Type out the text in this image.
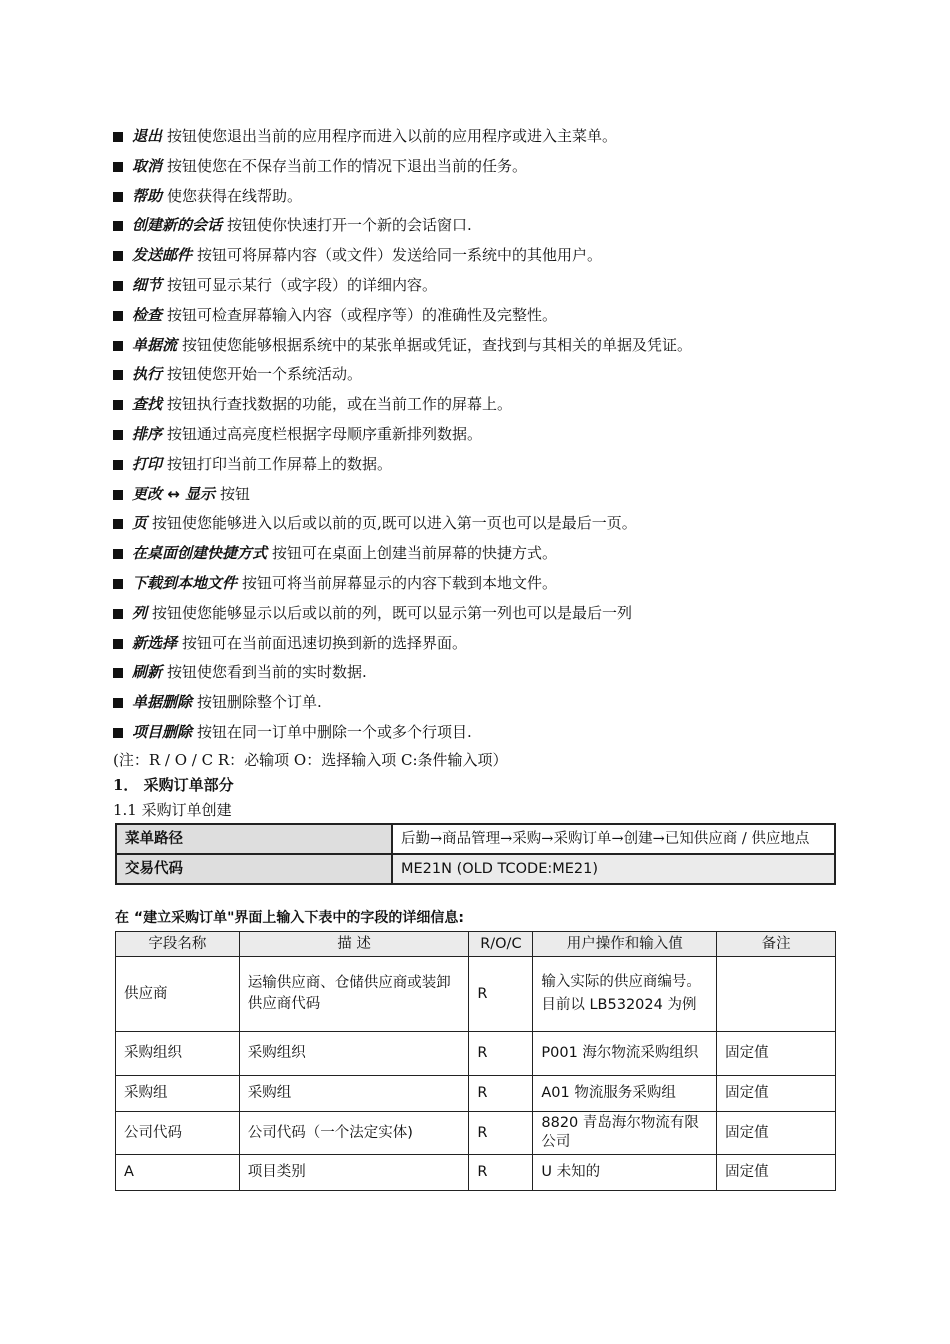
退出 按钮使您退出当前的应用程序而进入以前的应用程序或进入主菜单。
取消 按钮使您在不保存当前工作的情况下退出当前的任务。
帮助 使您获得在线帮助。
创建新的会话 按钮使你快速打开一个新的会话窗口.
发送邮件 按钮可将屏幕内容（或文件）发送给同一系统中的其他用户。
细节 按钮可显示某行（或字段）的详细内容。
检查 按钮可检查屏幕输入内容（或程序等）的准确性及完整性。
单据流 按钮使您能够根据系统中的某张单据或凭证，查找到与其相关的单据及凭证。
执行 按钮使您开始一个系统活动。
查找 按钮执行查找数据的功能，或在当前工作的屏幕上。
排序 按钮通过高亮度栏根据字母顺序重新排列数据。
打印 按钮打印当前工作屏幕上的数据。
更改 ↔ 显示 按钮
页 按钮使您能够进入以后或以前的页,既可以进入第一页也可以是最后一页。
在桌面创建快捷方式 按钮可在桌面上创建当前屏幕的快捷方式。
下载到本地文件 按钮可将当前屏幕显示的内容下载到本地文件。
列 按钮使您能够显示以后或以前的列，既可以显示第一列也可以是最后一列
新选择 按钮可在当前面迅速切换到新的选择界面。
刷新 按钮使您看到当前的实时数据.
单据删除 按钮删除整个订单.
项目删除 按钮在同一订单中删除一个或多个行项目.
(注：R / O / C R：必输项 O：选择输入项 C:条件输入项）
1． 采购订单部分
1.1 采购订单创建
菜单路径	后勤→商品管理→采购→采购订单→创建→已知供应商 / 供应地点
交易代码	ME21N (OLD TCODE:ME21)
在 “建立采购订单"界面上输入下表中的字段的详细信息:
字段名称	描 述	R/O/C	用户操作和输入值	备注
供应商	运输供应商、仓储供应商或装卸供应商代码	R	输入实际的供应商编号。目前以 LB532024 为例	
采购组织	采购组织	R	P001 海尔物流采购组织	固定值
采购组	采购组	R	A01 物流服务采购组	固定值
公司代码	公司代码（一个法定实体)	R	8820 青岛海尔物流有限公司	固定值
A	项目类别	R	U 未知的	固定值
